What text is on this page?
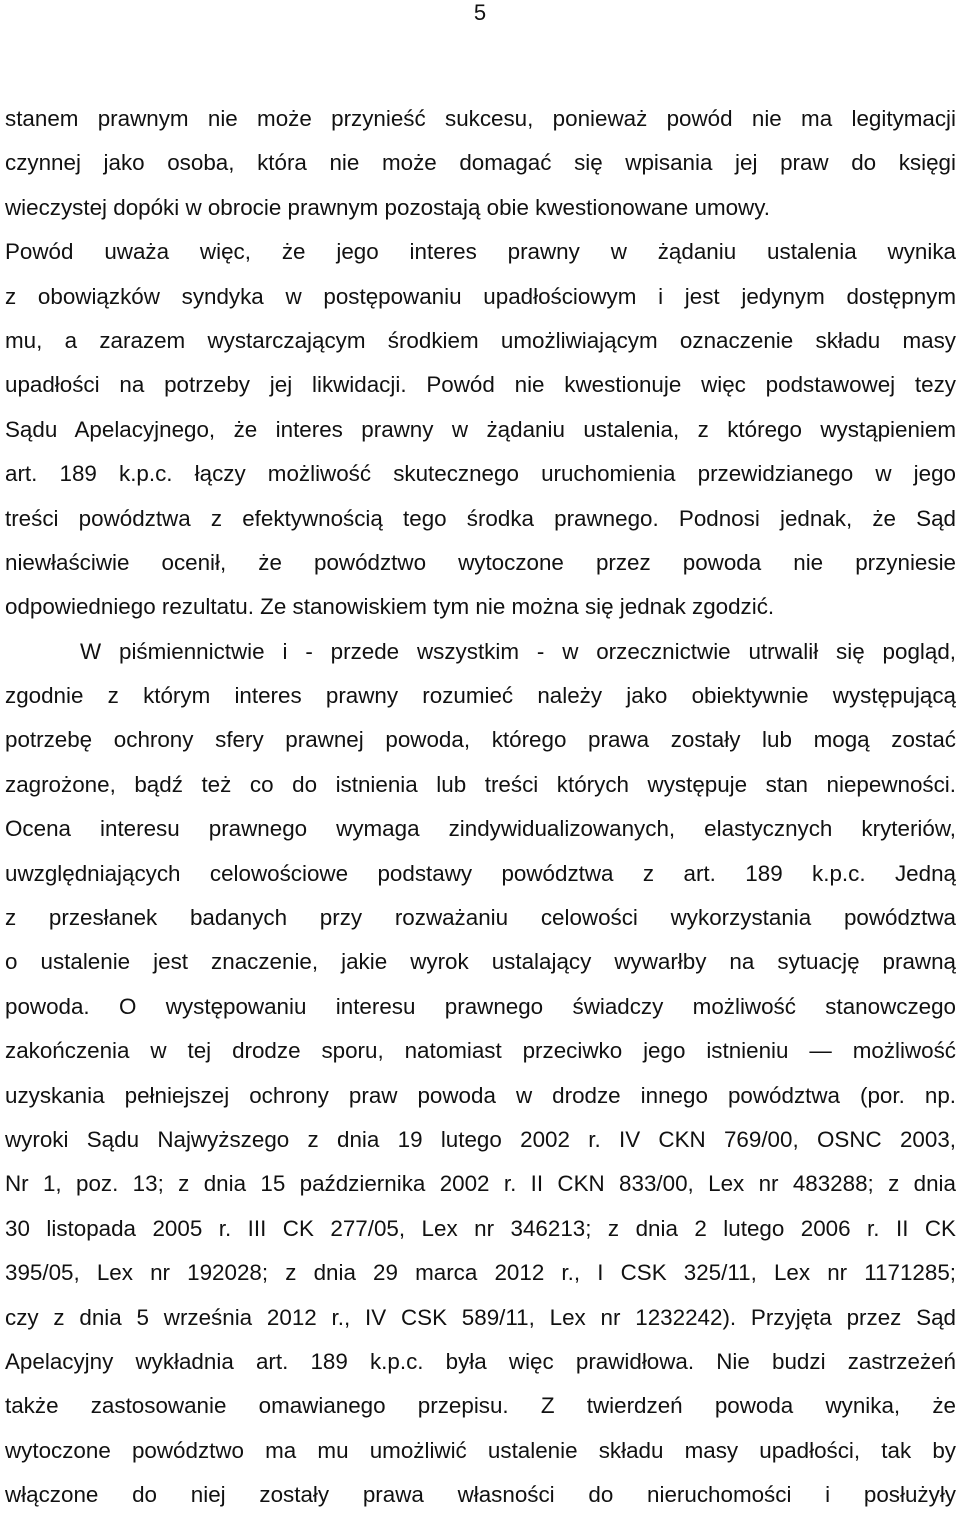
5
stanem prawnym nie może przynieść sukcesu, ponieważ powód nie ma legitymacji
czynnej jako osoba, która nie może domagać się wpisania jej praw do księgi
wieczystej dopóki w obrocie prawnym pozostają obie kwestionowane umowy.
Powód uważa więc, że jego interes prawny w żądaniu ustalenia wynika
z obowiązków syndyka w postępowaniu upadłościowym i jest jedynym dostępnym
mu, a zarazem wystarczającym środkiem umożliwiającym oznaczenie składu masy
upadłości na potrzeby jej likwidacji. Powód nie kwestionuje więc podstawowej tezy
Sądu Apelacyjnego, że interes prawny w żądaniu ustalenia, z którego wystąpieniem
art. 189 k.p.c. łączy możliwość skutecznego uruchomienia przewidzianego w jego
treści powództwa z efektywnością tego środka prawnego. Podnosi jednak, że Sąd
niewłaściwie ocenił, że powództwo wytoczone przez powoda nie przyniesie
odpowiedniego rezultatu. Ze stanowiskiem tym nie można się jednak zgodzić.
W piśmiennictwie i - przede wszystkim - w orzecznictwie utrwalił się pogląd,
zgodnie z którym interes prawny rozumieć należy jako obiektywnie występującą
potrzebę ochrony sfery prawnej powoda, którego prawa zostały lub mogą zostać
zagrożone, bądź też co do istnienia lub treści których występuje stan niepewności.
Ocena interesu prawnego wymaga zindywidualizowanych, elastycznych kryteriów,
uwzględniających celowościowe podstawy powództwa z art. 189 k.p.c. Jedną
z przesłanek badanych przy rozważaniu celowości wykorzystania powództwa
o ustalenie jest znaczenie, jakie wyrok ustalający wywarłby na sytuację prawną
powoda. O występowaniu interesu prawnego świadczy możliwość stanowczego
zakończenia w tej drodze sporu, natomiast przeciwko jego istnieniu — możliwość
uzyskania pełniejszej ochrony praw powoda w drodze innego powództwa (por. np.
wyroki Sądu Najwyższego z dnia 19 lutego 2002 r. IV CKN 769/00, OSNC 2003,
Nr 1, poz. 13; z dnia 15 października 2002 r. II CKN 833/00, Lex nr 483288; z dnia
30 listopada 2005 r. III CK 277/05, Lex nr 346213; z dnia 2 lutego 2006 r. II CK
395/05, Lex nr 192028; z dnia 29 marca 2012 r., I CSK 325/11, Lex nr 1171285;
czy z dnia 5 września 2012 r., IV CSK 589/11, Lex nr 1232242). Przyjęta przez Sąd
Apelacyjny wykładnia art. 189 k.p.c. była więc prawidłowa. Nie budzi zastrzeżeń
także zastosowanie omawianego przepisu. Z twierdzeń powoda wynika, że
wytoczone powództwo ma mu umożliwić ustalenie składu masy upadłości, tak by
włączone do niej zostały prawa własności do nieruchomości i posłużyły
